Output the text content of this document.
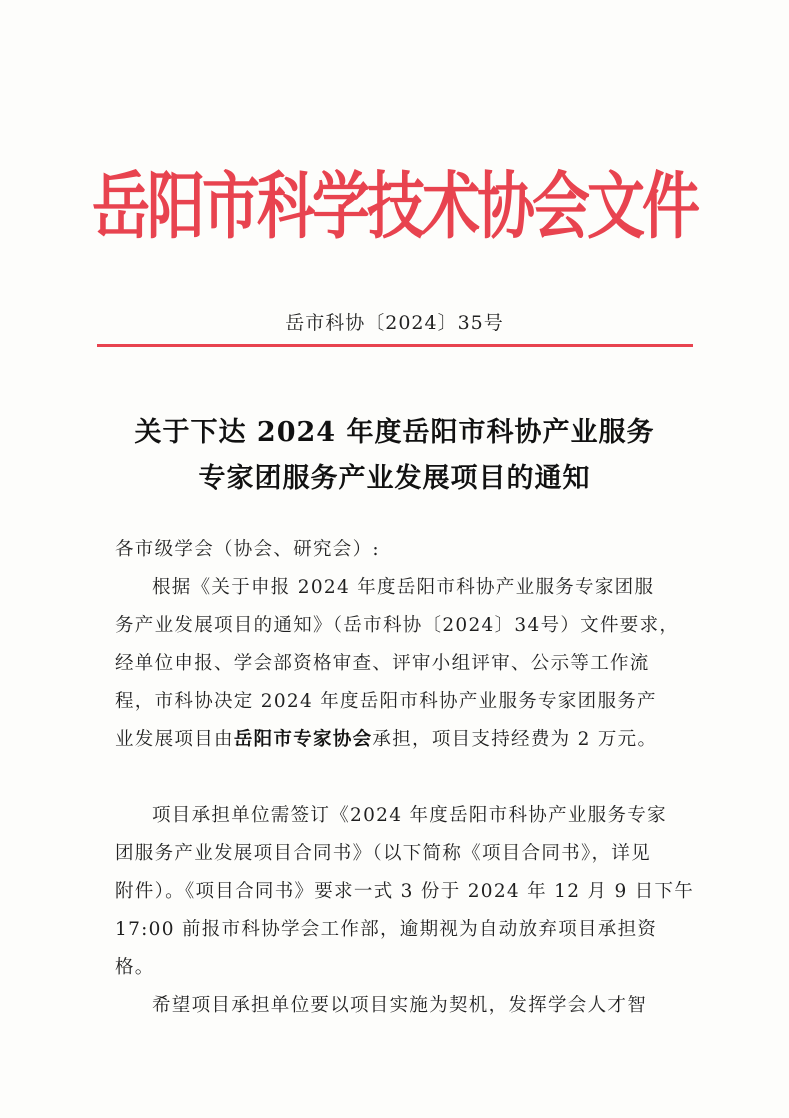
岳阳市科学技术协会文件
岳市科协〔2024〕35号
关于下达 2024 年度岳阳市科协产业服务
专家团服务产业发展项目的通知
各市级学会（协会、研究会）:
根据《关于申报 2024 年度岳阳市科协产业服务专家团服
务产业发展项目的通知》（岳市科协〔2024〕34号）文件要求，
经单位申报、学会部资格审查、评审小组评审、公示等工作流
程，市科协决定 2024 年度岳阳市科协产业服务专家团服务产
业发展项目由岳阳市专家协会承担，项目支持经费为 2 万元。
项目承担单位需签订《2024 年度岳阳市科协产业服务专家
团服务产业发展项目合同书》（以下简称《项目合同书》，详见
附件）。《项目合同书》要求一式 3 份于 2024 年 12 月 9 日下午
17:00 前报市科协学会工作部，逾期视为自动放弃项目承担资
格。
希望项目承担单位要以项目实施为契机，发挥学会人才智
